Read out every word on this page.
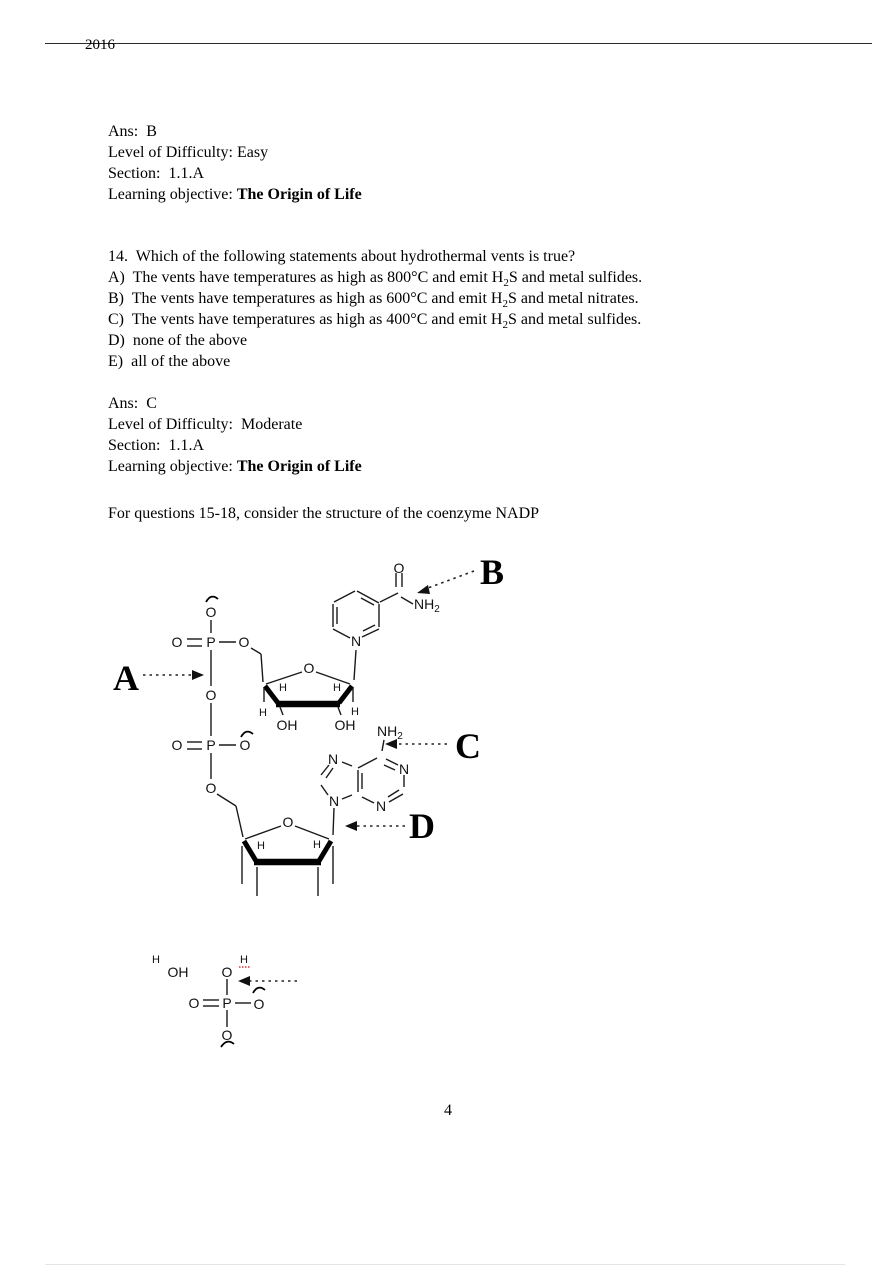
2016
Ans:  B
Level of Difficulty: Easy
Section:  1.1.A
Learning objective: The Origin of Life
14.  Which of the following statements about hydrothermal vents is true?
A)  The vents have temperatures as high as 800°C and emit $H_2S$ and metal sulfides.
B)  The vents have temperatures as high as 600°C and emit $H_2S$ and metal nitrates.
C)  The vents have temperatures as high as 400°C and emit $H_2S$ and metal sulfides.
D)  none of the above
E)  all of the above
Ans:  C
Level of Difficulty:  Moderate
Section:  1.1.A
Learning objective: The Origin of Life
For questions 15-18, consider the structure of the coenzyme NADP
O
P
O	O
O
P
O	O
O
O
H	H
H	H
OH	OH
N
O
$NH_2$
$NH_2$
N
N
N
N
O
H	H
H
OH
H
O
P
O	O
O
A
B
C
D
4
